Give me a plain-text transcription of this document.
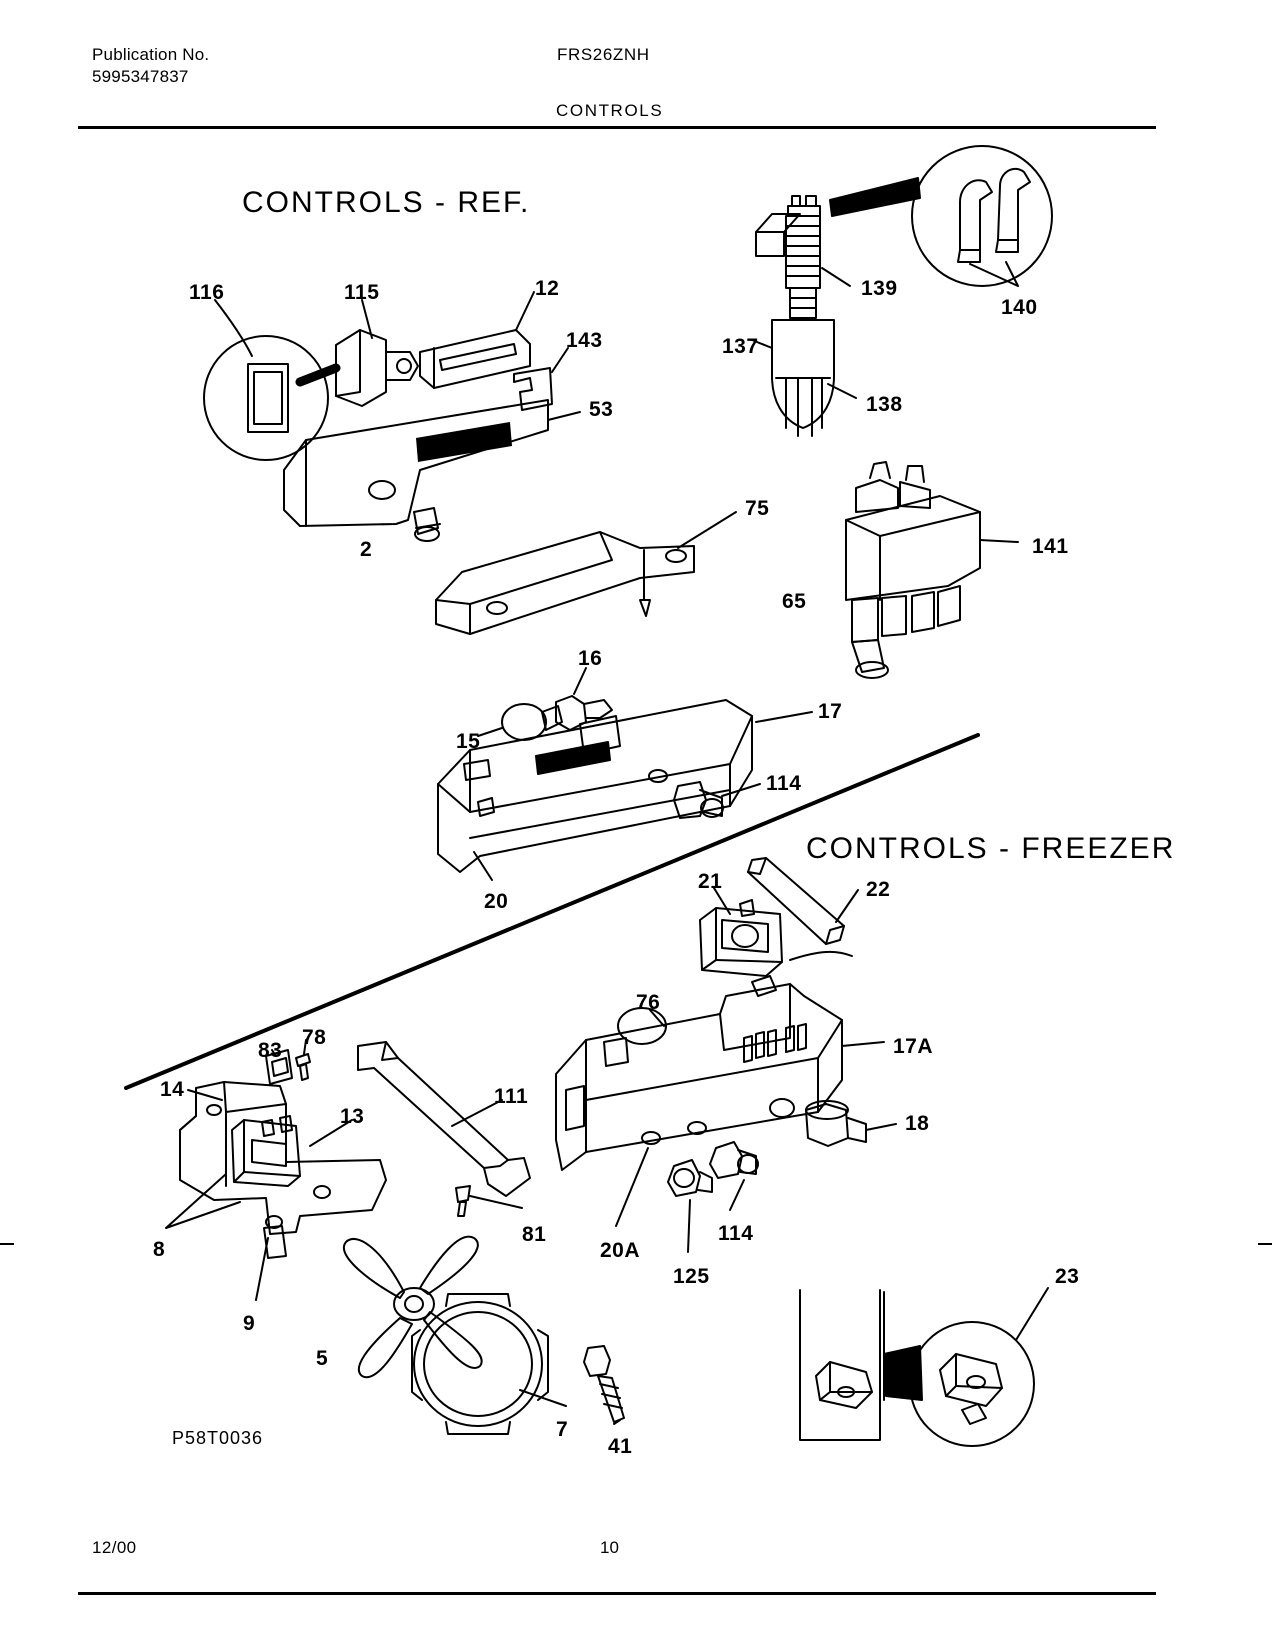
Publication No.
5995347837
FRS26ZNH
CONTROLS
CONTROLS - REF.
CONTROLS - FREEZER
116	115	12
143
53
2
139
140
137
138
75
141
65
16
17
15
114
20
21	22
76
17A
18
83
78
14
13
111
8
9
5
81
20A
125
114
23
7
41
P58T0036
12/00	10
